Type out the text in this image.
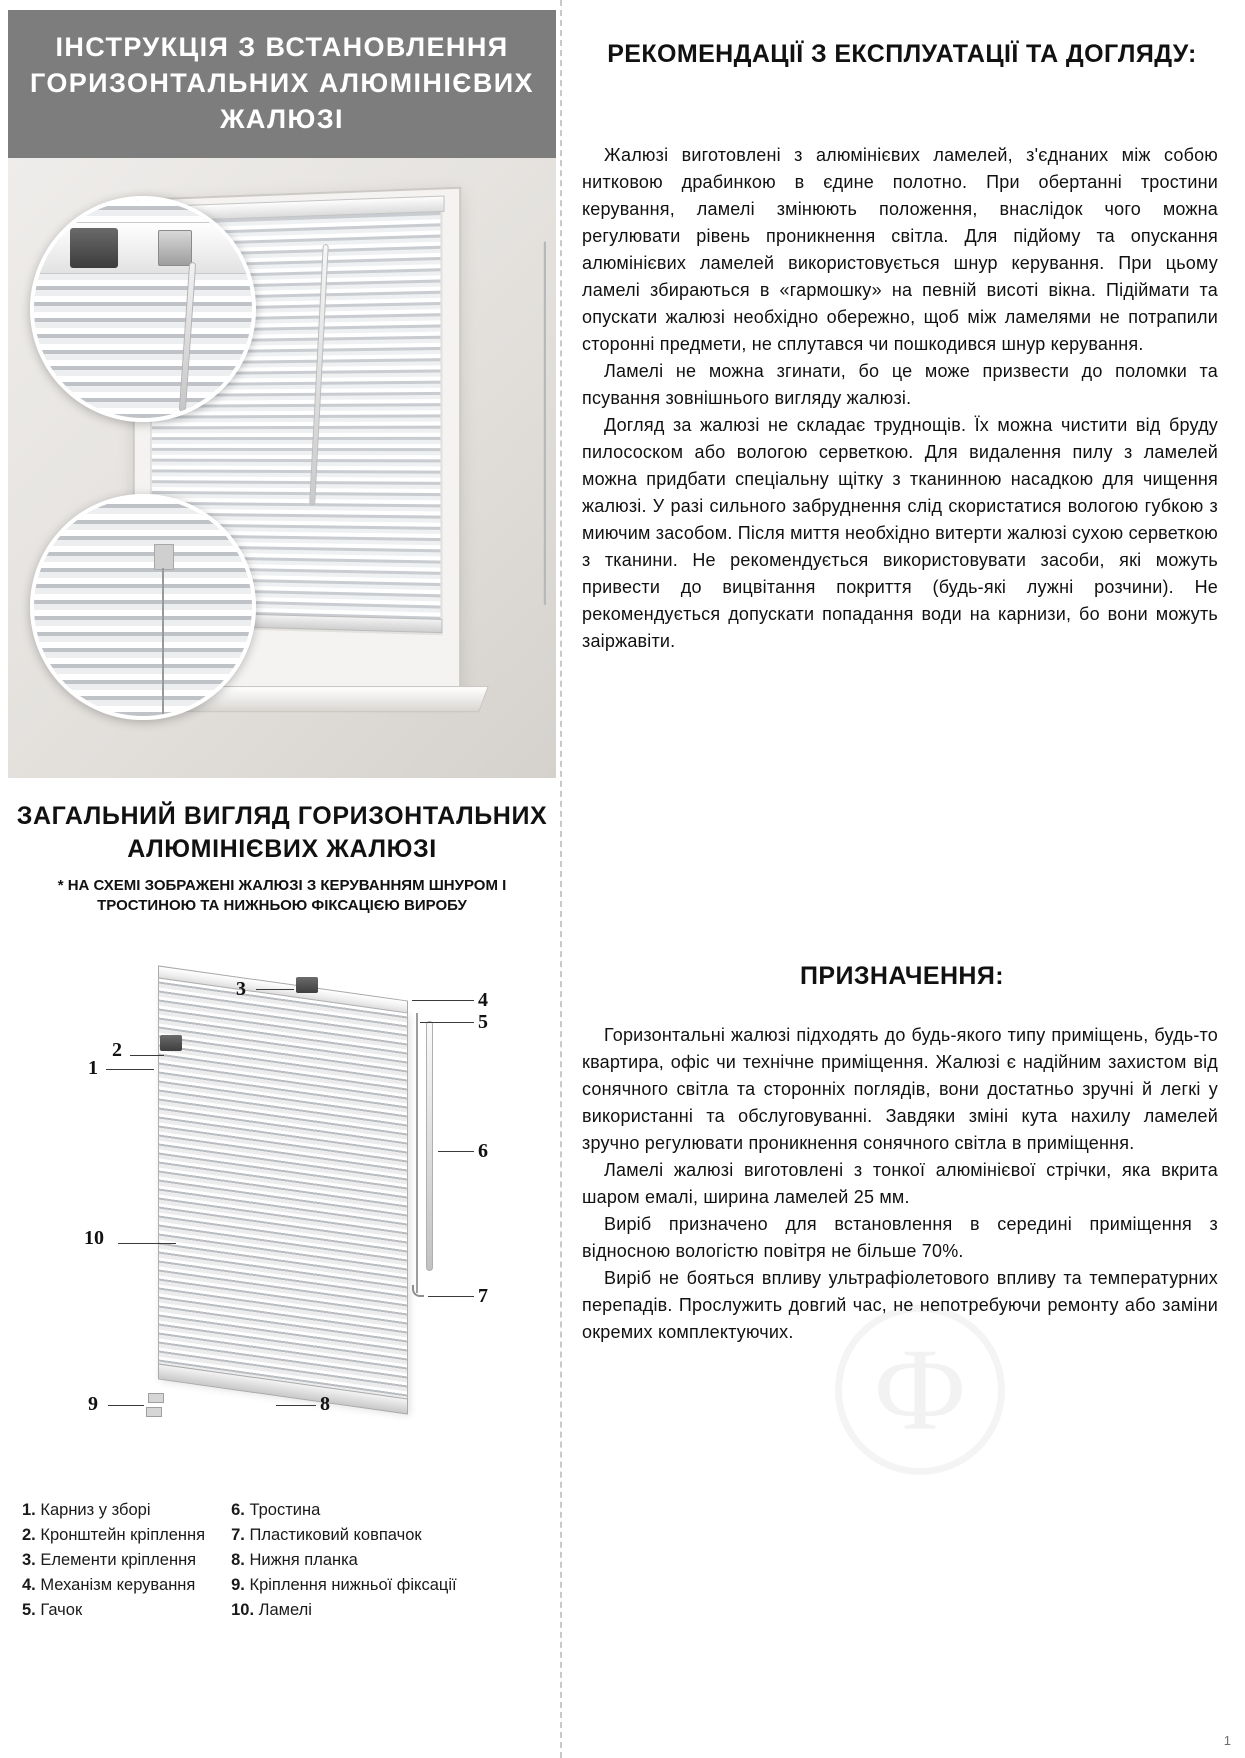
Ф
ІНСТРУКЦІЯ З ВСТАНОВЛЕННЯ ГОРИЗОНТАЛЬНИХ АЛЮМІНІЄВИХ ЖАЛЮЗІ
ЗАГАЛЬНИЙ ВИГЛЯД ГОРИЗОНТАЛЬНИХ АЛЮМІНІЄВИХ ЖАЛЮЗІ
* НА СХЕМІ ЗОБРАЖЕНІ ЖАЛЮЗІ З КЕРУВАННЯМ ШНУРОМ І ТРОСТИНОЮ ТА НИЖНЬОЮ ФІКСАЦІЄЮ ВИРОБУ
3	4
5
1
2
6
7
10
9	8
1. Карниз у зборі
2. Кронштейн кріплення
3. Елементи кріплення
4. Механізм керування
5. Гачок
6. Тростина
7. Пластиковий ковпачок
8. Нижня планка
9. Кріплення нижньої фіксації
10. Ламелі
РЕКОМЕНДАЦІЇ З ЕКСПЛУАТАЦІЇ ТА ДОГЛЯДУ:

Жалюзі виготовлені з алюмінієвих ламелей, з'єднаних між собою нитковою драбинкою в єдине полотно. При обертанні тростини керування, ламелі змінюють положення, внаслідок чого можна регулювати рівень проникнення світла. Для підйому та опускання алюмінієвих ламелей використовується шнур керування. При цьому ламелі збираються в «гармошку» на певній висоті вікна. Підіймати та опускати жалюзі необхідно обережно, щоб між ламелями не потрапили сторонні предмети, не сплутався чи пошкодився шнур керування.

Ламелі не можна згинати, бо це може призвести до поломки та псування зовнішнього вигляду жалюзі.

Догляд за жалюзі не складає труднощів. Їх можна чистити від бруду пилососком або вологою серветкою. Для видалення пилу з ламелей можна придбати спеціальну щітку з тканинною насадкою для чищення жалюзі. У разі сильного забруднення слід скористатися вологою губкою з миючим засобом. Після миття необхідно витерти жалюзі сухою серветкою з тканини. Не рекомендується використовувати засоби, які можуть привести до вицвітання покриття (будь-які лужні розчини). Не рекомендується допускати попадання води на карнизи, бо вони можуть заіржавіти.

ПРИЗНАЧЕННЯ:

Горизонтальні жалюзі підходять до будь-якого типу приміщень, будь-то квартира, офіс чи технічне приміщення. Жалюзі є надійним захистом від сонячного світла та сторонніх поглядів, вони достатньо зручні й легкі у використанні та обслуговуванні. Завдяки зміні кута нахилу ламелей зручно регулювати проникнення сонячного світла в приміщення.

Ламелі жалюзі виготовлені з тонкої алюмінієвої стрічки, яка вкрита шаром емалі, ширина ламелей 25 мм.

Виріб призначено для встановлення в середині приміщення з відносною вологістю повітря не більше 70%.

Виріб не бояться впливу ультрафіолетового впливу та температурних перепадів. Прослужить довгий час, не непотребуючи ремонту або заміни окремих комплектуючих.

1
